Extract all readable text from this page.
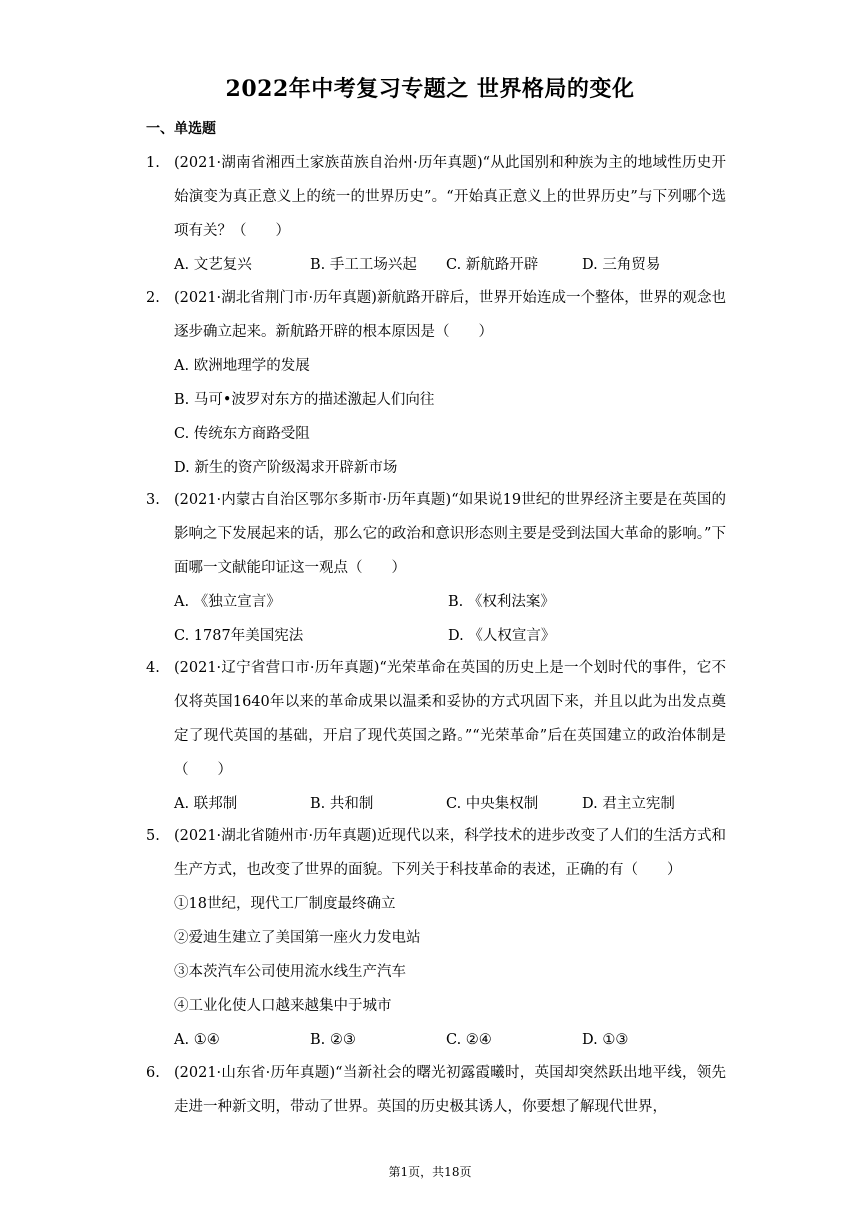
2022年中考复习专题之 世界格局的变化
一、单选题
1. (2021·湖南省湘西土家族苗族自治州·历年真题)“从此国别和种族为主的地域性历史开始演变为真正意义上的统一的世界历史”。“开始真正意义上的世界历史”与下列哪个选项有关？（　　）
A. 文艺复兴	B. 手工工场兴起	C. 新航路开辟	D. 三角贸易
2. (2021·湖北省荆门市·历年真题)新航路开辟后，世界开始连成一个整体，世界的观念也逐步确立起来。新航路开辟的根本原因是（　　）
A. 欧洲地理学的发展
B. 马可•波罗对东方的描述激起人们向往
C. 传统东方商路受阻
D. 新生的资产阶级渴求开辟新市场
3. (2021·内蒙古自治区鄂尔多斯市·历年真题)“如果说19世纪的世界经济主要是在英国的影响之下发展起来的话，那么它的政治和意识形态则主要是受到法国大革命的影响。”下面哪一文献能印证这一观点（　　）
A. 《独立宣言》	B. 《权利法案》
C. 1787年美国宪法	D. 《人权宣言》
4. (2021·辽宁省营口市·历年真题)“光荣革命在英国的历史上是一个划时代的事件，它不仅将英国1640年以来的革命成果以温柔和妥协的方式巩固下来，并且以此为出发点奠定了现代英国的基础，开启了现代英国之路。”“光荣革命”后在英国建立的政治体制是（　　）
A. 联邦制	B. 共和制	C. 中央集权制	D. 君主立宪制
5. (2021·湖北省随州市·历年真题)近现代以来，科学技术的进步改变了人们的生活方式和生产方式，也改变了世界的面貌。下列关于科技革命的表述，正确的有（　　）
①18世纪，现代工厂制度最终确立
②爱迪生建立了美国第一座火力发电站
③本茨汽车公司使用流水线生产汽车
④工业化使人口越来越集中于城市
A. ①④	B. ②③	C. ②④	D. ①③
6. (2021·山东省·历年真题)“当新社会的曙光初露霞曦时，英国却突然跃出地平线，领先走进一种新文明，带动了世界。英国的历史极其诱人，你要想了解现代世界，
第1页，共18页
